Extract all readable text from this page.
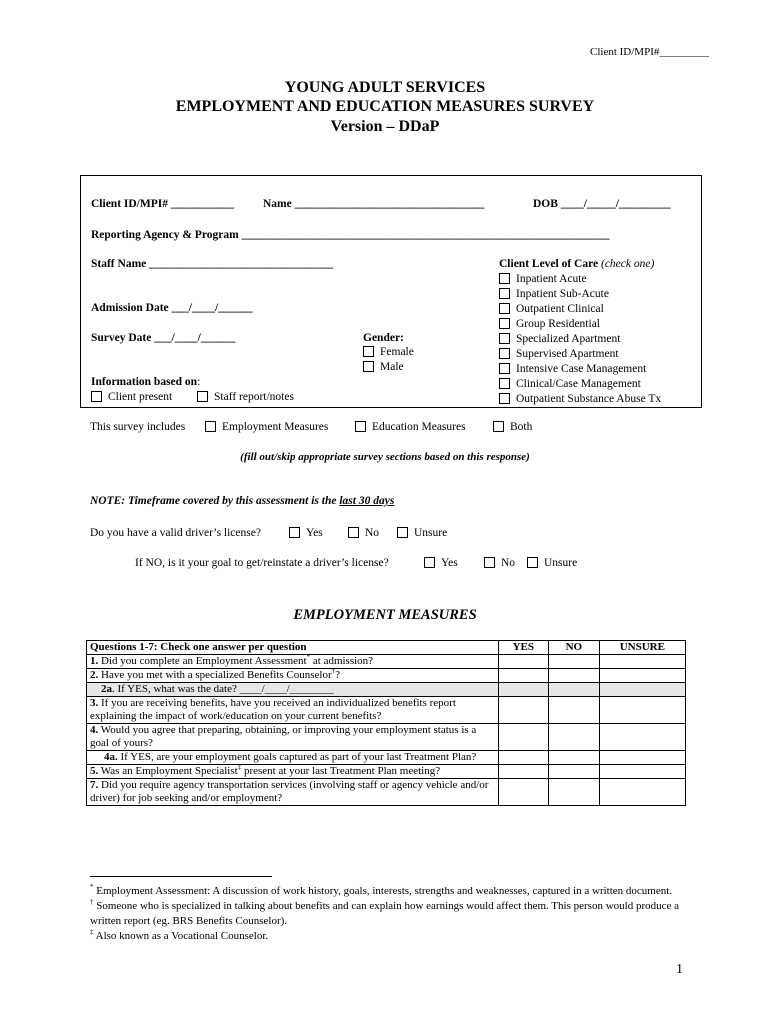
Client ID/MPI#_________
YOUNG ADULT SERVICES
EMPLOYMENT AND EDUCATION MEASURES SURVEY
Version – DDaP
Client ID/MPI# ___________	Name _________________________________	DOB ____/_____/_________
Reporting Agency & Program ________________________________________________________________
Staff Name ________________________________
Admission Date ___/____/______
Survey Date ___/____/______	Gender:
Female
Male
Information based on:
Client present	Staff report/notes
Client Level of Care (check one)
Inpatient Acute
Inpatient Sub-Acute
Outpatient Clinical
Group Residential
Specialized Apartment
Supervised Apartment
Intensive Case Management
Clinical/Case Management
Outpatient Substance Abuse Tx
This survey includes	Employment Measures	Education Measures	Both
(fill out/skip appropriate survey sections based on this response)
NOTE: Timeframe covered by this assessment is the last 30 days
Do you have a valid driver’s license?	Yes	No	Unsure
If NO, is it your goal to get/reinstate a driver’s license?	Yes	No	Unsure
EMPLOYMENT MEASURES
Questions 1-7: Check one answer per question	YES	NO	UNSURE
1. Did you complete an Employment Assessment* at admission?			
2. Have you met with a specialized Benefits Counselor†?			
2a. If YES, what was the date? ____/____/________			
3. If you are receiving benefits, have you received an individualized benefits report explaining the impact of work/education on your current benefits?			
4. Would you agree that preparing, obtaining, or improving your employment status is a goal of yours?			
4a. If YES, are your employment goals captured as part of your last Treatment Plan?			
5. Was an Employment Specialist‡ present at your last Treatment Plan meeting?			
7. Did you require agency transportation services (involving staff or agency vehicle and/or driver) for job seeking and/or employment?			
* Employment Assessment: A discussion of work history, goals, interests, strengths and weaknesses, captured in a written document.
† Someone who is specialized in talking about benefits and can explain how earnings would affect them. This person would produce a written report (eg. BRS Benefits Counselor).
‡ Also known as a Vocational Counselor.
1
